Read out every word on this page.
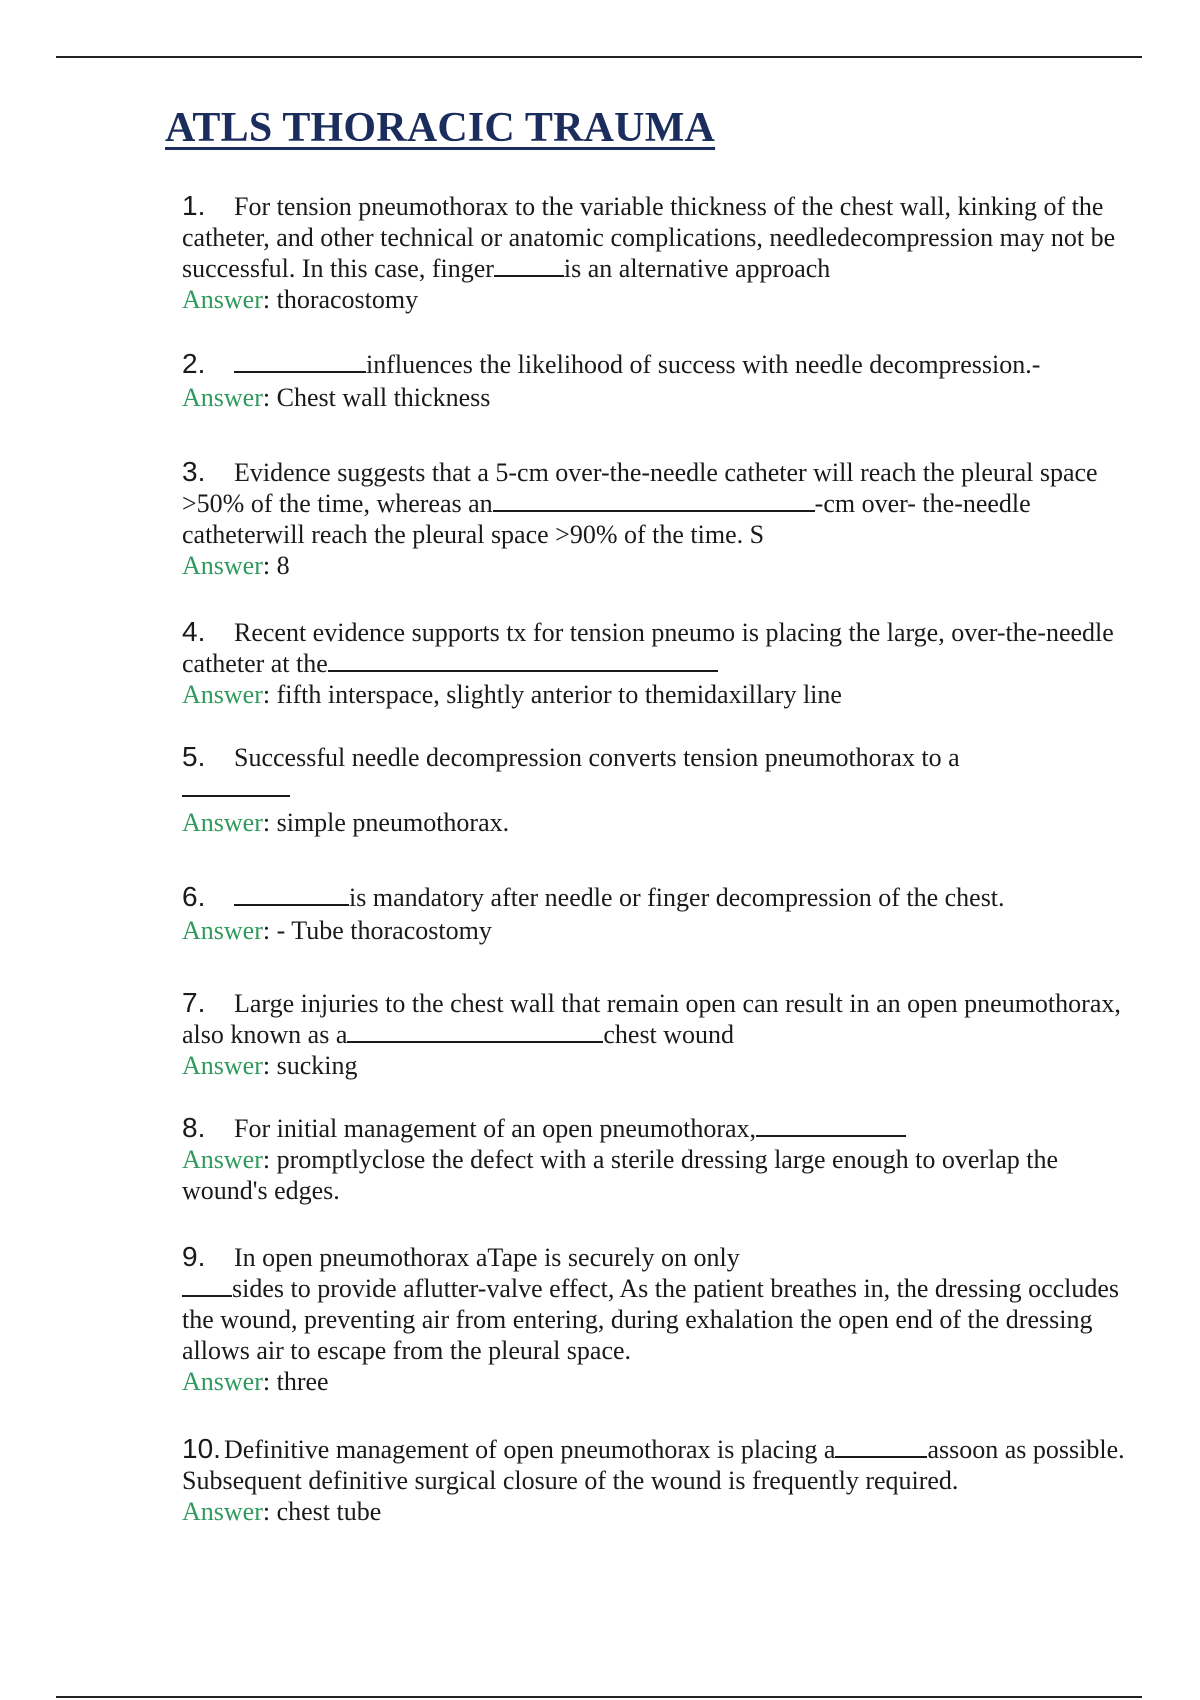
ATLS THORACIC TRAUMA
1. For tension pneumothorax to the variable thickness of the chest wall, kinking of the catheter, and other technical or anatomic complications, needledecompression may not be successful. In this case, finger	is an alternative approach
Answer: thoracostomy
2.	influences the likelihood of success with needle decompression.-
Answer: Chest wall thickness
3. Evidence suggests that a 5-cm over-the-needle catheter will reach the pleural space >50% of the time, whereas an	-cm over- the-needle catheterwill reach the pleural space >90% of the time. S
Answer: 8
4. Recent evidence supports tx for tension pneumo is placing the large, over-the-needle catheter at the
Answer: fifth interspace, slightly anterior to themidaxillary line
5. Successful needle decompression converts tension pneumothorax to a
Answer: simple pneumothorax.
6.	is mandatory after needle or finger decompression of the chest.
Answer: - Tube thoracostomy
7. Large injuries to the chest wall that remain open can result in an open pneumothorax, also known as a	chest wound
Answer: sucking
8. For initial management of an open pneumothorax,
Answer: promptlyclose the defect with a sterile dressing large enough to overlap the wound's edges.
9. In open pneumothorax aTape is securely on only
sides to provide aflutter-valve effect, As the patient breathes in, the dressing occludes the wound, preventing air from entering, during exhalation the open end of the dressing allows air to escape from the pleural space.
Answer: three
10. Definitive management of open pneumothorax is placing a	assoon as possible. Subsequent definitive surgical closure of the wound is frequently required.
Answer: chest tube
